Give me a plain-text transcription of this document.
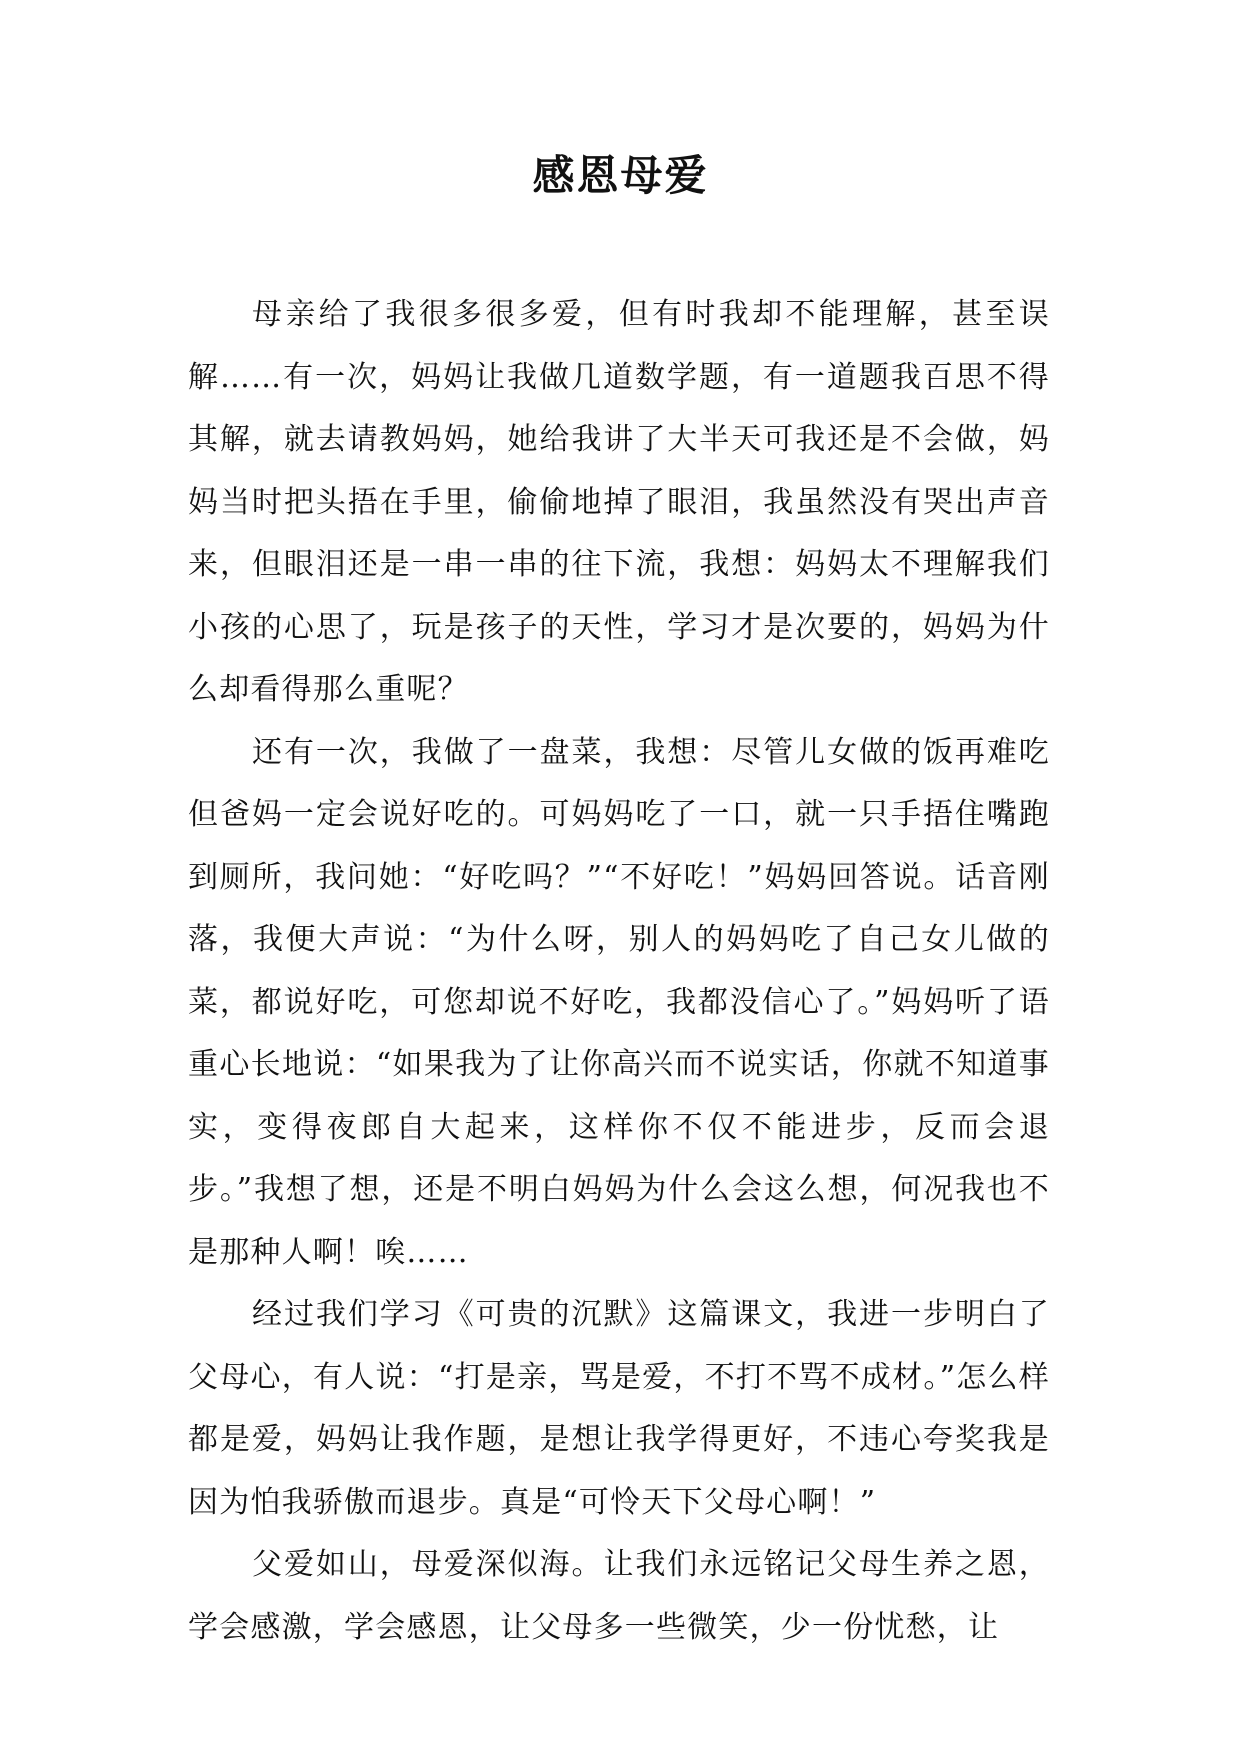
感恩母爱

母亲给了我很多很多爱，但有时我却不能理解，甚至误解……有一次，妈妈让我做几道数学题，有一道题我百思不得其解，就去请教妈妈，她给我讲了大半天可我还是不会做，妈妈当时把头捂在手里，偷偷地掉了眼泪，我虽然没有哭出声音来，但眼泪还是一串一串的往下流，我想：妈妈太不理解我们小孩的心思了，玩是孩子的天性，学习才是次要的，妈妈为什么却看得那么重呢？

还有一次，我做了一盘菜，我想：尽管儿女做的饭再难吃但爸妈一定会说好吃的。可妈妈吃了一口，就一只手捂住嘴跑到厕所，我问她：“好吃吗？”“不好吃！”妈妈回答说。话音刚落，我便大声说：“为什么呀，别人的妈妈吃了自己女儿做的菜，都说好吃，可您却说不好吃，我都没信心了。”妈妈听了语重心长地说：“如果我为了让你高兴而不说实话，你就不知道事实，变得夜郎自大起来，这样你不仅不能进步，反而会退步。”我想了想，还是不明白妈妈为什么会这么想，何况我也不是那种人啊！唉……

经过我们学习《可贵的沉默》这篇课文，我进一步明白了父母心，有人说：“打是亲，骂是爱，不打不骂不成材。”怎么样都是爱，妈妈让我作题，是想让我学得更好，不违心夸奖我是因为怕我骄傲而退步。真是“可怜天下父母心啊！”

父爱如山，母爱深似海。让我们永远铭记父母生养之恩，学会感激，学会感恩，让父母多一些微笑，少一份忧愁，让
